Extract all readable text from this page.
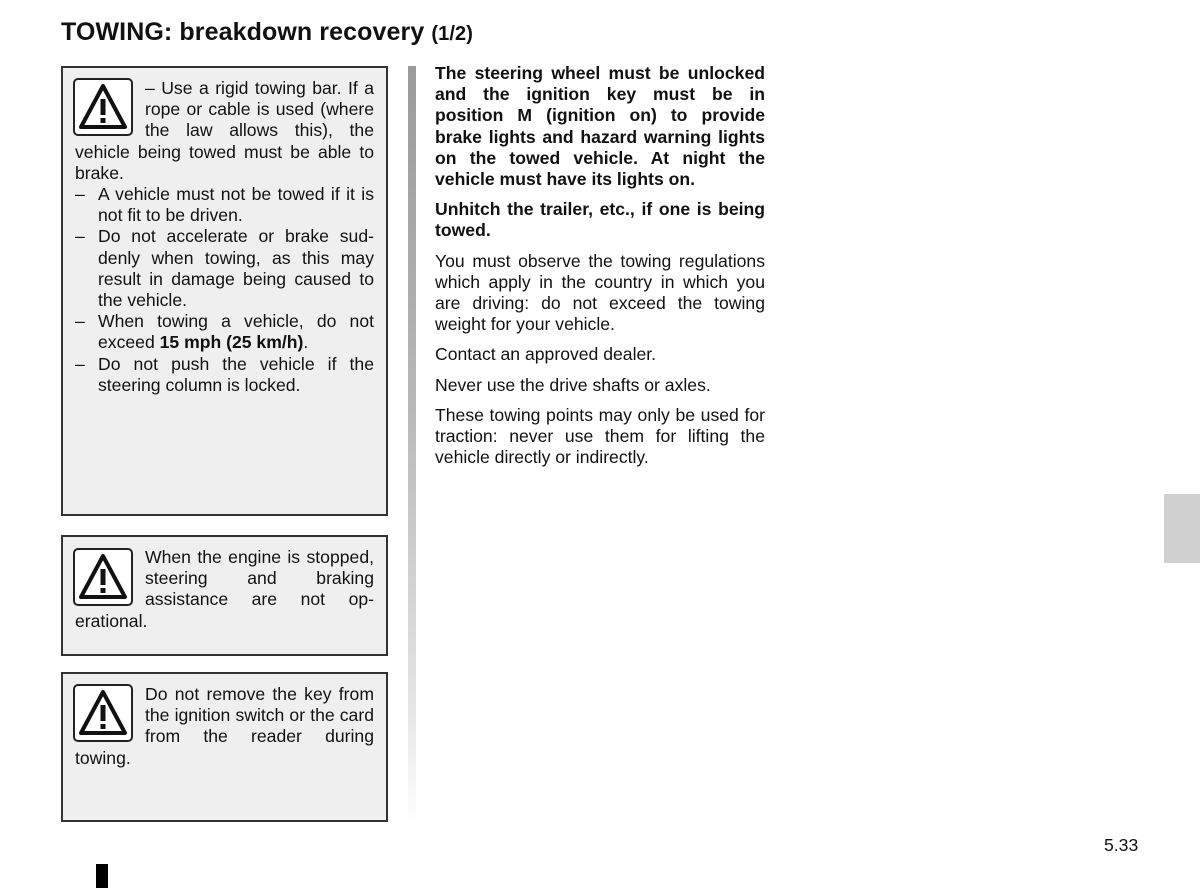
TOWING: breakdown recovery (1/2)
– Use a rigid towing bar. If a rope or cable is used (where the law allows this), the vehicle being towed must be able to brake.
– A vehicle must not be towed if it is not fit to be driven.
– Do not accelerate or brake suddenly when towing, as this may result in damage being caused to the vehicle.
– When towing a vehicle, do not exceed 15 mph (25 km/h).
– Do not push the vehicle if the steering column is locked.
When the engine is stopped, steering and braking assistance are not operational.
Do not remove the key from the ignition switch or the card from the reader during towing.

The steering wheel must be unlocked and the ignition key must be in position M (ignition on) to provide brake lights and hazard warning lights on the towed vehicle. At night the vehicle must have its lights on.

Unhitch the trailer, etc., if one is being towed.

You must observe the towing regulations which apply in the country in which you are driving: do not exceed the towing weight for your vehicle.

Contact an approved dealer.

Never use the drive shafts or axles.

These towing points may only be used for traction: never use them for lifting the vehicle directly or indirectly.

5.33
